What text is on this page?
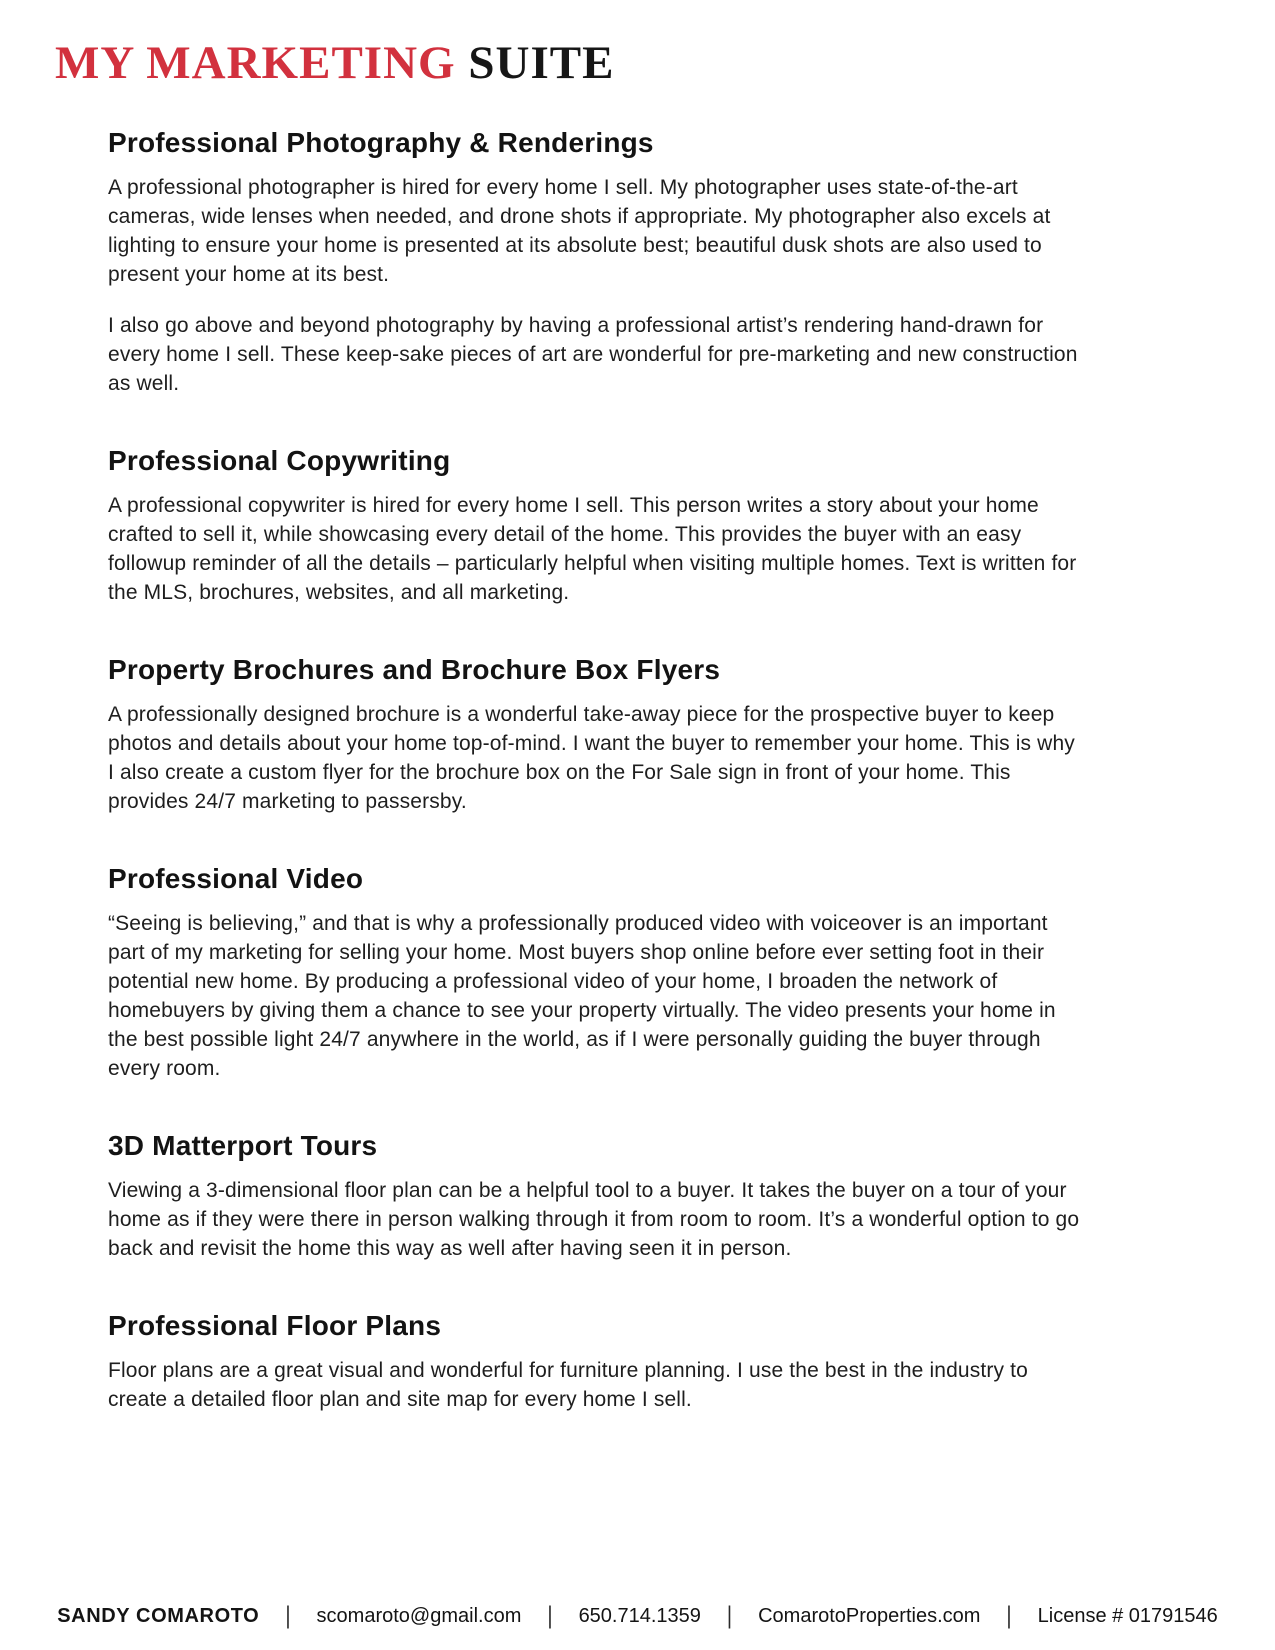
MY MARKETING SUITE
Professional Photography & Renderings

A professional photographer is hired for every home I sell. My photographer uses state-of-the-art cameras, wide lenses when needed, and drone shots if appropriate. My photographer also excels at lighting to ensure your home is presented at its absolute best; beautiful dusk shots are also used to present your home at its best.

I also go above and beyond photography by having a professional artist’s rendering hand-drawn for every home I sell. These keep-sake pieces of art are wonderful for pre-marketing and new construction as well.

Professional Copywriting

A professional copywriter is hired for every home I sell. This person writes a story about your home crafted to sell it, while showcasing every detail of the home. This provides the buyer with an easy followup reminder of all the details – particularly helpful when visiting multiple homes. Text is written for the MLS, brochures, websites, and all marketing.

Property Brochures and Brochure Box Flyers

A professionally designed brochure is a wonderful take-away piece for the prospective buyer to keep photos and details about your home top-of-mind. I want the buyer to remember your home. This is why I also create a custom flyer for the brochure box on the For Sale sign in front of your home. This provides 24/7 marketing to passersby.

Professional Video

“Seeing is believing,” and that is why a professionally produced video with voiceover is an important part of my marketing for selling your home. Most buyers shop online before ever setting foot in their potential new home. By producing a professional video of your home, I broaden the network of homebuyers by giving them a chance to see your property virtually. The video presents your home in the best possible light 24/7 anywhere in the world, as if I were personally guiding the buyer through every room.

3D Matterport Tours

Viewing a 3-dimensional floor plan can be a helpful tool to a buyer. It takes the buyer on a tour of your home as if they were there in person walking through it from room to room. It’s a wonderful option to go back and revisit the home this way as well after having seen it in person.

Professional Floor Plans

Floor plans are a great visual and wonderful for furniture planning. I use the best in the industry to create a detailed floor plan and site map for every home I sell.

SANDY COMAROTO | scomaroto@gmail.com | 650.714.1359 | ComarotoProperties.com | License # 01791546
